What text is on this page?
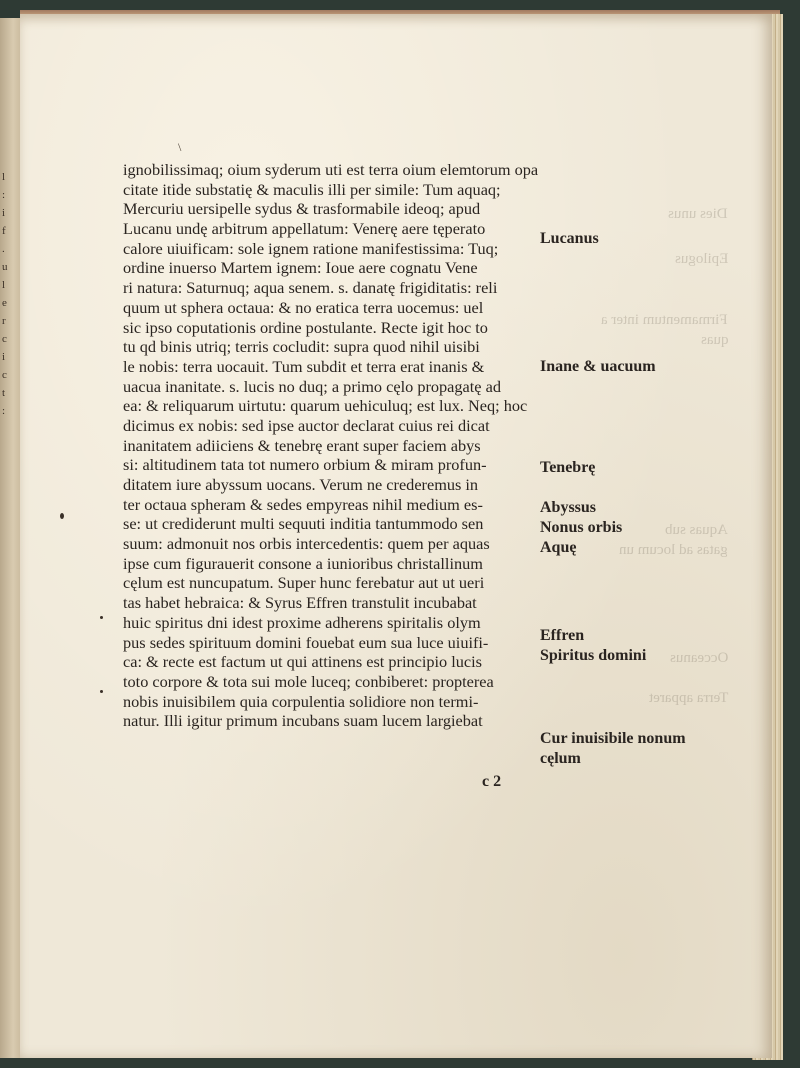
l
:
i
f
.
u
l
e
r
c
i
c
t
:
Dies unus
Epilogus
Firmamentum inter a
quas
Aquas sub
gatas ad locum un
Occeanus
Terra apparet
\
ignobilissimaq; oium syderum uti est terra oium elemtorum opa
citate itide substatię & maculis illi per simile: Tum aquaq;
Mercuriu uersipelle sydus & trasformabile ideoq; apud
Lucanu undę arbitrum appellatum: Venerę aere tęperato
calore uiuificam: sole ignem ratione manifestissima: Tuq;
ordine inuerso Martem ignem: Ioue aere cognatu Vene
ri natura: Saturnuq; aqua senem. s. danatę frigiditatis: reli
quum ut sphera octaua: & no eratica terra uocemus: uel
sic ipso coputationis ordine postulante. Recte igit hoc to
tu qd binis utriq; terris cocludit: supra quod nihil uisibi
le nobis: terra uocauit. Tum subdit et terra erat inanis &
uacua inanitate. s. lucis no duq; a primo cęlo propagatę ad
ea: & reliquarum uirtutu: quarum uehiculuq; est lux. Neq; hoc
dicimus ex nobis: sed ipse auctor declarat cuius rei dicat
inanitatem adiiciens & tenebrę erant super faciem abys
si: altitudinem tata tot numero orbium & miram profun-
ditatem iure abyssum uocans. Verum ne crederemus in
ter octaua spheram & sedes empyreas nihil medium es-
se: ut crediderunt multi sequuti inditia tantummodo sen
suum: admonuit nos orbis intercedentis: quem per aquas
ipse cum figurauerit consone a iunioribus christallinum
cęlum est nuncupatum. Super hunc ferebatur aut ut ueri
tas habet hebraica: & Syrus Effren transtulit incubabat
huic spiritus dni idest proxime adherens spiritalis olym
pus sedes spirituum domini fouebat eum sua luce uiuifi-
ca: & recte est factum ut qui attinens est principio lucis
toto corpore & tota sui mole luceq; conbiberet: propterea
nobis inuisibilem quia corpulentia solidiore non termi-
natur. Illi igitur primum incubans suam lucem largiebat
Lucanus
Inane & uacuum
Tenebrę
Abyssus
Nonus orbis
Aquę
Effren
Spiritus domini
Cur inuisibile nonum
cęlum
c 2
